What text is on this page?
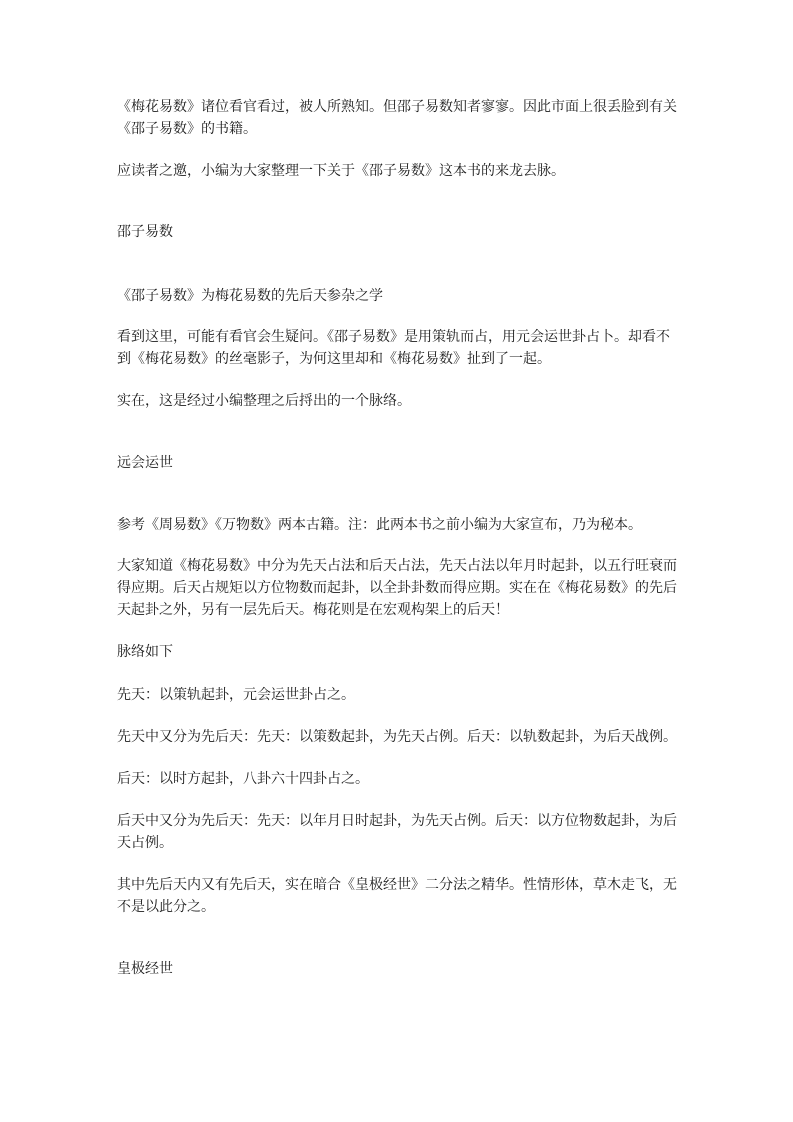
《梅花易数》诸位看官看过，被人所熟知。但邵子易数知者寥寥。因此市面上很丢脸到有关《邵子易数》的书籍。

应读者之邀，小编为大家整理一下关于《邵子易数》这本书的来龙去脉。

邵子易数

《邵子易数》为梅花易数的先后天参杂之学

看到这里，可能有看官会生疑问。《邵子易数》是用策轨而占，用元会运世卦占卜。却看不到《梅花易数》的丝毫影子，为何这里却和《梅花易数》扯到了一起。

实在，这是经过小编整理之后捋出的一个脉络。

远会运世

参考《周易数》《万物数》两本古籍。注：此两本书之前小编为大家宣布，乃为秘本。

大家知道《梅花易数》中分为先天占法和后天占法，先天占法以年月时起卦，以五行旺衰而得应期。后天占规矩以方位物数而起卦，以全卦卦数而得应期。实在在《梅花易数》的先后天起卦之外，另有一层先后天。梅花则是在宏观构架上的后天！

脉络如下

先天：以策轨起卦，元会运世卦占之。

先天中又分为先后天：先天：以策数起卦，为先天占例。后天：以轨数起卦，为后天战例。

后天：以时方起卦，八卦六十四卦占之。

后天中又分为先后天：先天：以年月日时起卦，为先天占例。后天：以方位物数起卦，为后天占例。

其中先后天内又有先后天，实在暗合《皇极经世》二分法之精华。性情形体，草木走飞，无不是以此分之。

皇极经世
